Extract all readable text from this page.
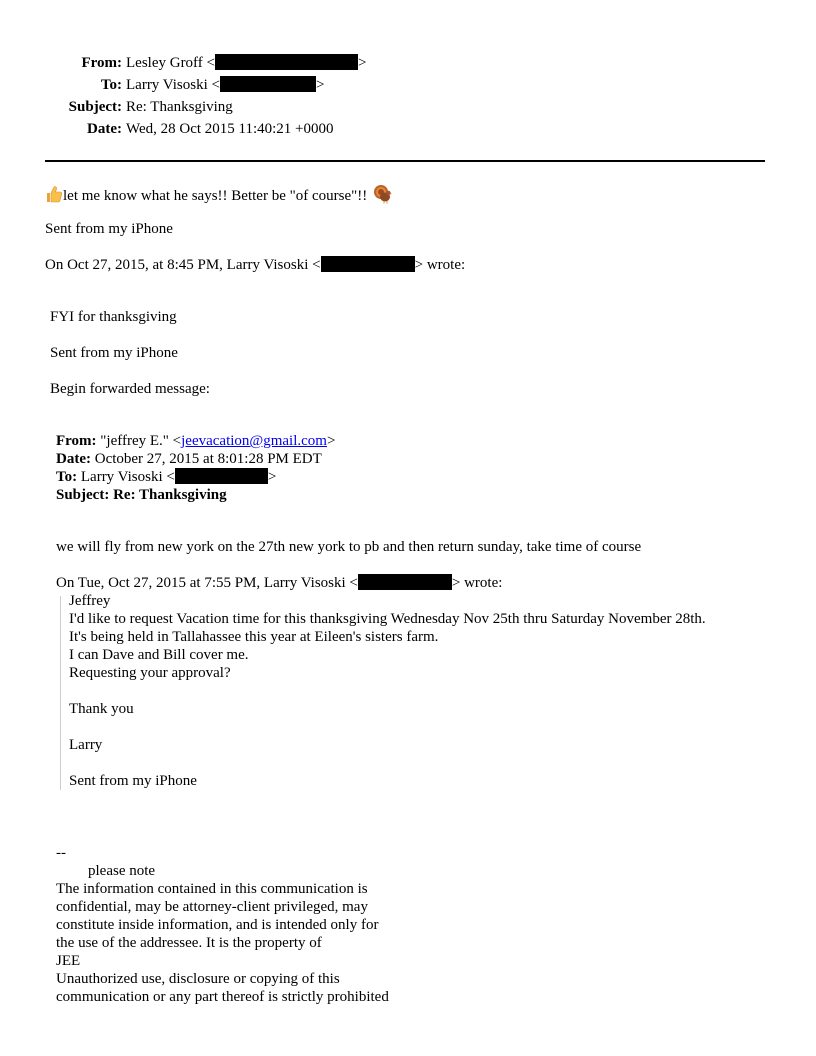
From: Lesley Groff <	>
To: Larry Visoski <	>
Subject: Re: Thanksgiving
Date: Wed, 28 Oct 2015 11:40:21 +0000
let me know what he says!! Better be "of course"!!
Sent from my iPhone
On Oct 27, 2015, at 8:45 PM, Larry Visoski <	> wrote:
FYI for thanksgiving
Sent from my iPhone
Begin forwarded message:
From: "jeffrey E." <jeevacation@gmail.com>
Date: October 27, 2015 at 8:01:28 PM EDT
To: Larry Visoski <	>
Subject: Re: Thanksgiving
we will fly from new york on the 27th new york to pb and then return sunday, take time of course
On Tue, Oct 27, 2015 at 7:55 PM, Larry Visoski <	> wrote:
Jeffrey
I'd like to request Vacation time for this thanksgiving Wednesday Nov 25th thru Saturday November 28th.
It's being held in Tallahassee this year at Eileen's sisters farm.
I can Dave and Bill cover me.
Requesting your approval?
Thank you
Larry
Sent from my iPhone
--
please note
The information contained in this communication is
confidential, may be attorney-client privileged, may
constitute inside information, and is intended only for
the use of the addressee. It is the property of
JEE
Unauthorized use, disclosure or copying of this
communication or any part thereof is strictly prohibited
